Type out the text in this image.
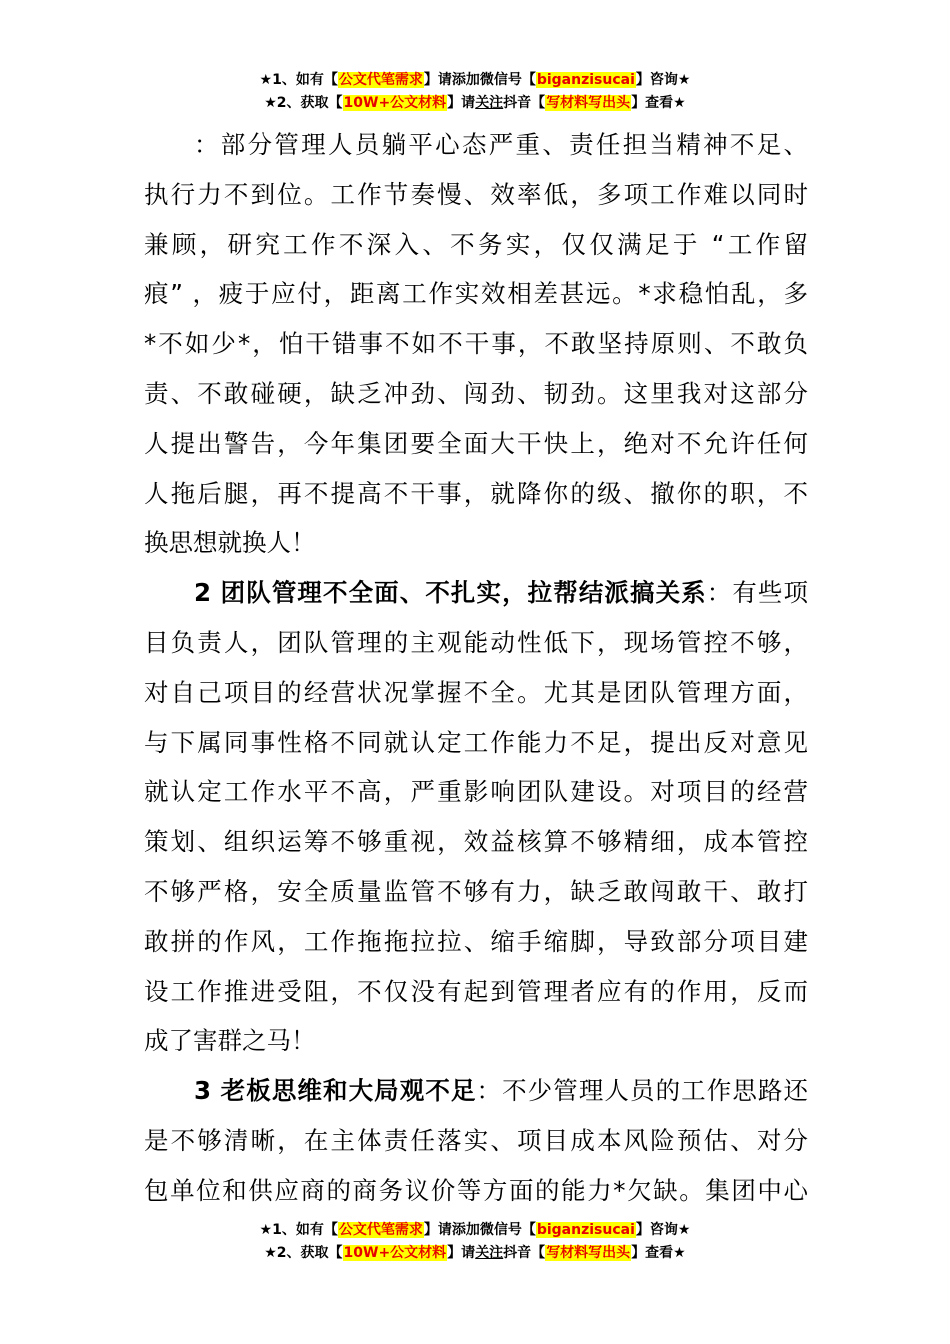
★1、如有【公文代笔需求】请添加微信号【biganzisucai】咨询★
★2、获取【10W+公文材料】请关注抖音【写材料写出头】查看★
：部分管理人员躺平心态严重、责任担当精神不足、
执行力不到位。工作节奏慢、效率低，多项工作难以同时
兼顾，研究工作不深入、不务实，仅仅满足于 “工作留
痕” ，疲于应付，距离工作实效相差甚远。*求稳怕乱，多
*不如少*，怕干错事不如不干事，不敢坚持原则、不敢负
责、不敢碰硬，缺乏冲劲、闯劲、韧劲。这里我对这部分
人提出警告，今年集团要全面大干快上，绝对不允许任何
人拖后腿，再不提高不干事，就降你的级、撤你的职，不
换思想就换人！
2 团队管理不全面、不扎实，拉帮结派搞关系：有些项
目负责人，团队管理的主观能动性低下，现场管控不够，
对自己项目的经营状况掌握不全。尤其是团队管理方面，
与下属同事性格不同就认定工作能力不足，提出反对意见
就认定工作水平不高，严重影响团队建设。对项目的经营
策划、组织运筹不够重视，效益核算不够精细，成本管控
不够严格，安全质量监管不够有力，缺乏敢闯敢干、敢打
敢拼的作风，工作拖拖拉拉、缩手缩脚，导致部分项目建
设工作推进受阻，不仅没有起到管理者应有的作用，反而
成了害群之马！
3 老板思维和大局观不足：不少管理人员的工作思路还
是不够清晰，在主体责任落实、项目成本风险预估、对分
包单位和供应商的商务议价等方面的能力*欠缺。集团中心
★1、如有【公文代笔需求】请添加微信号【biganzisucai】咨询★
★2、获取【10W+公文材料】请关注抖音【写材料写出头】查看★
